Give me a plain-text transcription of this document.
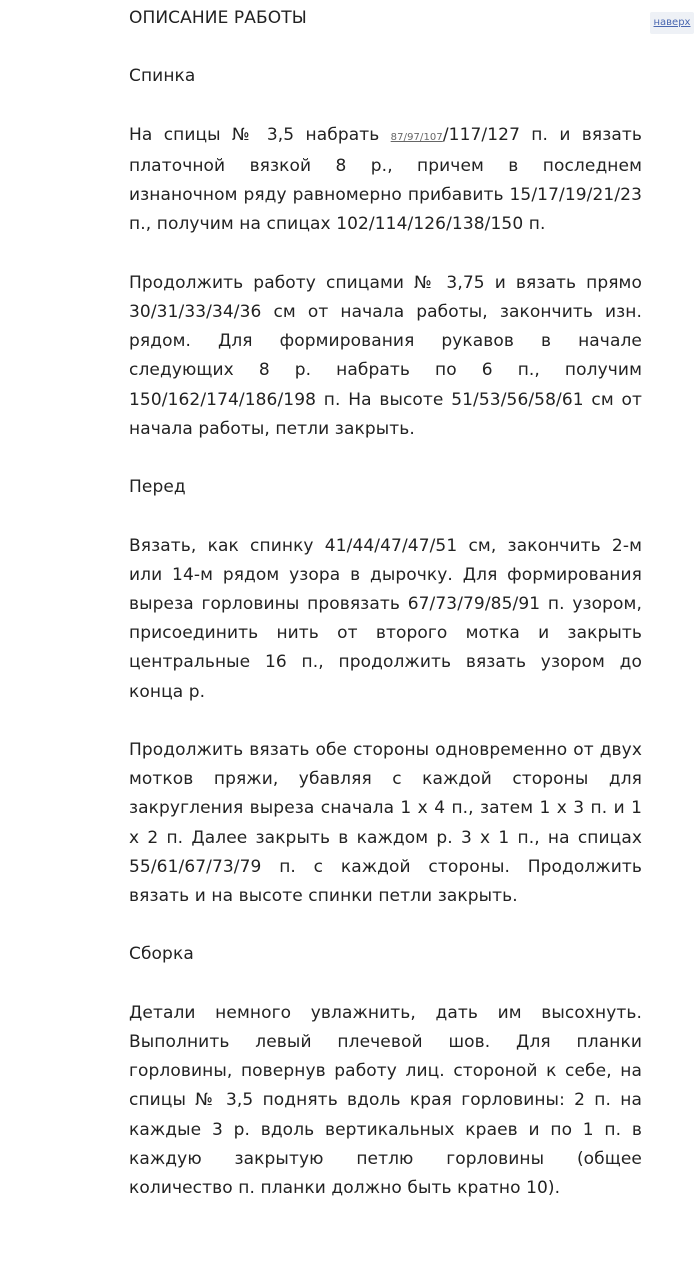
наверх

ОПИСАНИЕ РАБОТЫ

Спинка

На спицы № 3,5 набрать 87/97/107/117/127 п. и вязать платочной вязкой 8 р., причем в последнем изнаночном ряду равномерно прибавить 15/17/19/21/23 п., получим на спицах 102/114/126/138/150 п.

Продолжить работу спицами № 3,75 и вязать прямо 30/31/33/34/36 см от начала работы, закончить изн. рядом. Для формирования рукавов в начале следующих 8 р. набрать по 6 п., получим 150/162/174/186/198 п. На высоте 51/53/56/58/61 см от начала работы, петли закрыть.

Перед

Вязать, как спинку 41/44/47/47/51 см, закончить 2-м или 14-м рядом узора в дырочку. Для формирования выреза горловины провязать 67/73/79/85/91 п. узором, присоединить нить от второго мотка и закрыть центральные 16 п., продолжить вязать узором до конца р.

Продолжить вязать обе стороны одновременно от двух мотков пряжи, убавляя с каждой стороны для закругления выреза сначала 1 х 4 п., затем 1 х 3 п. и 1 х 2 п. Далее закрыть в каждом р. 3 х 1 п., на спицах 55/61/67/73/79 п. с каждой стороны. Продолжить вязать и на высоте спинки петли закрыть.

Сборка

Детали немного увлажнить, дать им высохнуть. Выполнить левый плечевой шов. Для планки горловины, повернув работу лиц. стороной к себе, на спицы № 3,5 поднять вдоль края горловины: 2 п. на каждые 3 р. вдоль вертикальных краев и по 1 п. в каждую закрытую петлю горловины (общее количество п. планки должно быть кратно 10).
